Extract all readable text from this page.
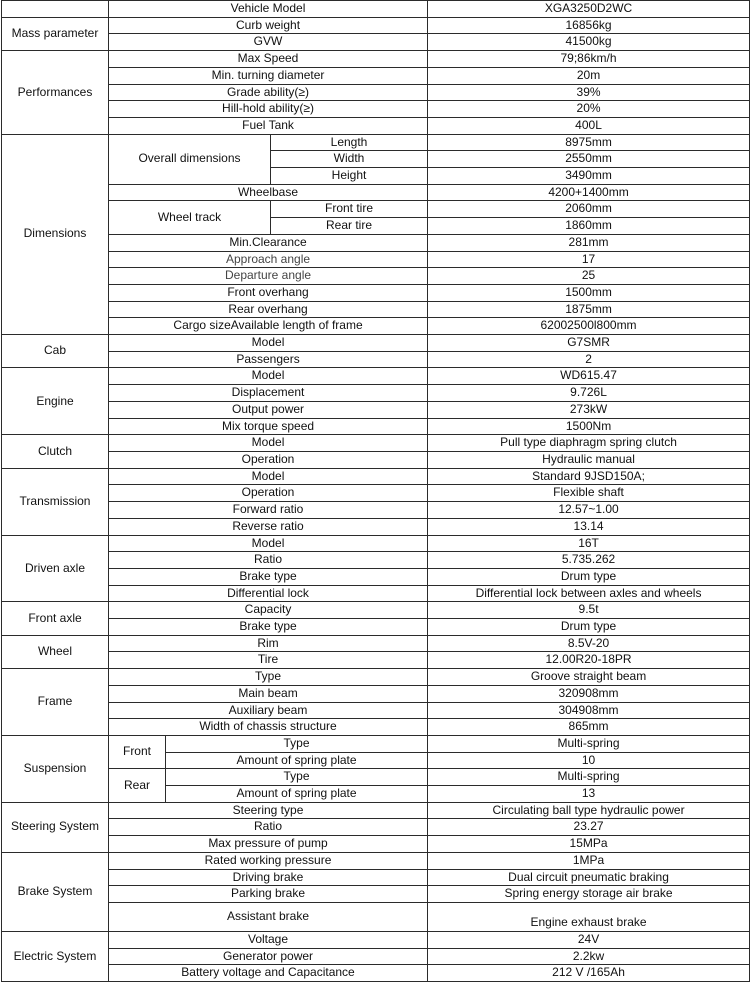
	Vehicle Model			XGA3250D2WC
Mass parameter	Curb weight			16856kg
	GVW			41500kg
Performances	Max Speed			79;86km/h
	Min. turning diameter			20m
	Grade ability(≥)			39%
	Hill-hold ability(≥)			20%
	Fuel Tank			400L
Dimensions	Overall dimensions		Length	8975mm
			Width	2550mm
			Height	3490mm
	Wheelbase			4200+1400mm
	Wheel track		Front tire	2060mm
			Rear tire	1860mm
	Min.Clearance			281mm
	Approach angle			17
	Departure angle			25
	Front overhang			1500mm
	Rear overhang			1875mm
	Cargo sizeAvailable length of frame			62002500l800mm
Cab	Model			G7SMR
	Passengers			2
Engine	Model			WD615.47
	Displacement			9.726L
	Output power			273kW
	Mix torque speed			1500Nm
Clutch	Model			Pull type diaphragm spring clutch
	Operation			Hydraulic manual
Transmission	Model			Standard 9JSD150A;
	Operation			Flexible shaft
	Forward ratio			12.57~1.00
	Reverse ratio			13.14
Driven axle	Model			16T
	Ratio			5.735.262
	Brake type			Drum type
	Differential lock			Differential lock between axles and wheels
Front axle	Capacity			9.5t
	Brake type			Drum type
Wheel	Rim			8.5V-20
	Tire			12.00R20-18PR
Frame	Type			Groove straight beam
	Main beam			320908mm
	Auxiliary beam			304908mm
	Width of chassis structure			865mm
Suspension	Front	Type		Multi-spring
		Amount of spring plate		10
	Rear	Type		Multi-spring
		Amount of spring plate		13
Steering System	Steering type			Circulating ball type hydraulic power
	Ratio			23.27
	Max pressure of pump			15MPa
Brake System	Rated working pressure			1MPa
	Driving brake			Dual circuit pneumatic braking
	Parking brake			Spring energy storage air brake
	Assistant brake			Engine exhaust brake
Electric System	Voltage			24V
	Generator power			2.2kw
	Battery voltage and Capacitance			212 V /165Ah
